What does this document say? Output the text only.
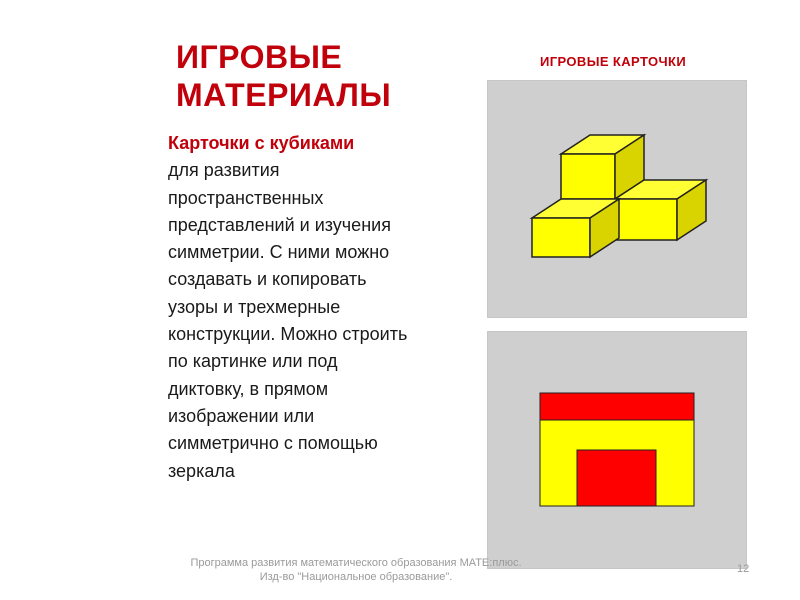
ИГРОВЫЕ
МАТЕРИАЛЫ
ИГРОВЫЕ КАРТОЧКИ
Карточки с кубиками
для развития пространственных представлений и изучения симметрии. С ними можно создавать и копировать узоры и трехмерные конструкции. Можно строить по картинке или под диктовку, в прямом изображении или симметрично с помощью зеркала
Программа развития математического образования МАТЕ:плюс.
Изд-во "Национальное образование".
12
